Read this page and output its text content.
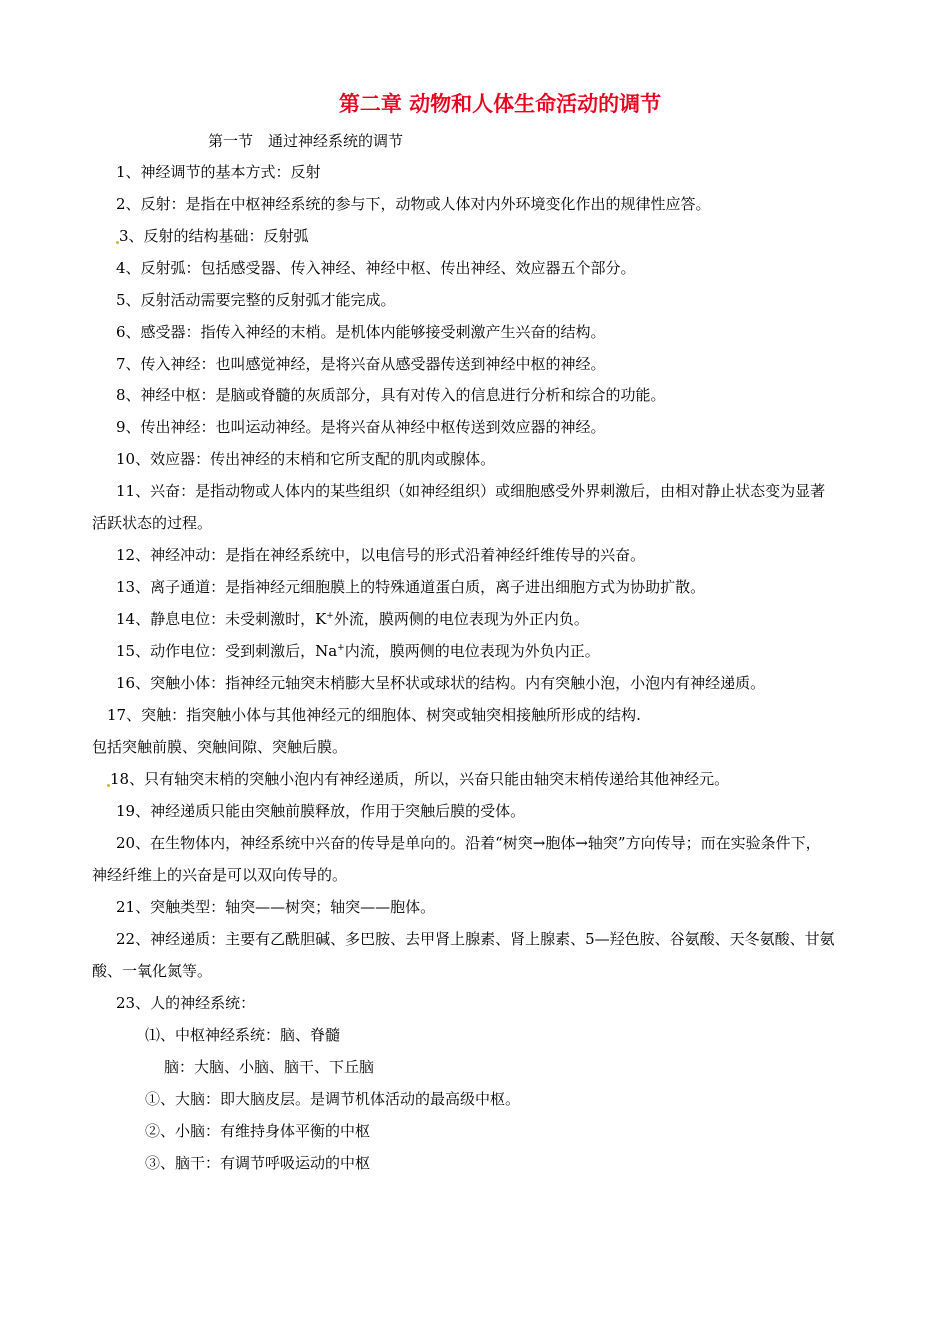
第二章 动物和人体生命活动的调节
第一节　通过神经系统的调节
1、神经调节的基本方式：反射
2、反射：是指在中枢神经系统的参与下，动物或人体对内外环境变化作出的规律性应答。
3、反射的结构基础：反射弧
4、反射弧：包括感受器、传入神经、神经中枢、传出神经、效应器五个部分。
5、反射活动需要完整的反射弧才能完成。
6、感受器：指传入神经的末梢。是机体内能够接受刺激产生兴奋的结构。
7、传入神经：也叫感觉神经，是将兴奋从感受器传送到神经中枢的神经。
8、神经中枢：是脑或脊髓的灰质部分，具有对传入的信息进行分析和综合的功能。
9、传出神经：也叫运动神经。是将兴奋从神经中枢传送到效应器的神经。
10、效应器：传出神经的末梢和它所支配的肌肉或腺体。
11、兴奋：是指动物或人体内的某些组织（如神经组织）或细胞感受外界刺激后，由相对静止状态变为显著
活跃状态的过程。
12、神经冲动：是指在神经系统中，以电信号的形式沿着神经纤维传导的兴奋。
13、离子通道：是指神经元细胞膜上的特殊通道蛋白质，离子进出细胞方式为协助扩散。
14、静息电位：未受刺激时，K+外流，膜两侧的电位表现为外正内负。
15、动作电位：受到刺激后，Na+内流，膜两侧的电位表现为外负内正。
16、突触小体：指神经元轴突末梢膨大呈杯状或球状的结构。内有突触小泡，小泡内有神经递质。
17、突触：指突触小体与其他神经元的细胞体、树突或轴突相接触所形成的结构.
包括突触前膜、突触间隙、突触后膜。
18、只有轴突末梢的突触小泡内有神经递质，所以，兴奋只能由轴突末梢传递给其他神经元。
19、神经递质只能由突触前膜释放，作用于突触后膜的受体。
20、在生物体内，神经系统中兴奋的传导是单向的。沿着“树突→胞体→轴突”方向传导；而在实验条件下，
神经纤维上的兴奋是可以双向传导的。
21、突触类型：轴突——树突；轴突——胞体。
22、神经递质：主要有乙酰胆碱、多巴胺、去甲肾上腺素、肾上腺素、5—羟色胺、谷氨酸、天冬氨酸、甘氨
酸、一氧化氮等。
23、人的神经系统：
⑴、中枢神经系统：脑、脊髓
脑：大脑、小脑、脑干、下丘脑
①、大脑：即大脑皮层。是调节机体活动的最高级中枢。
②、小脑：有维持身体平衡的中枢
③、脑干：有调节呼吸运动的中枢
